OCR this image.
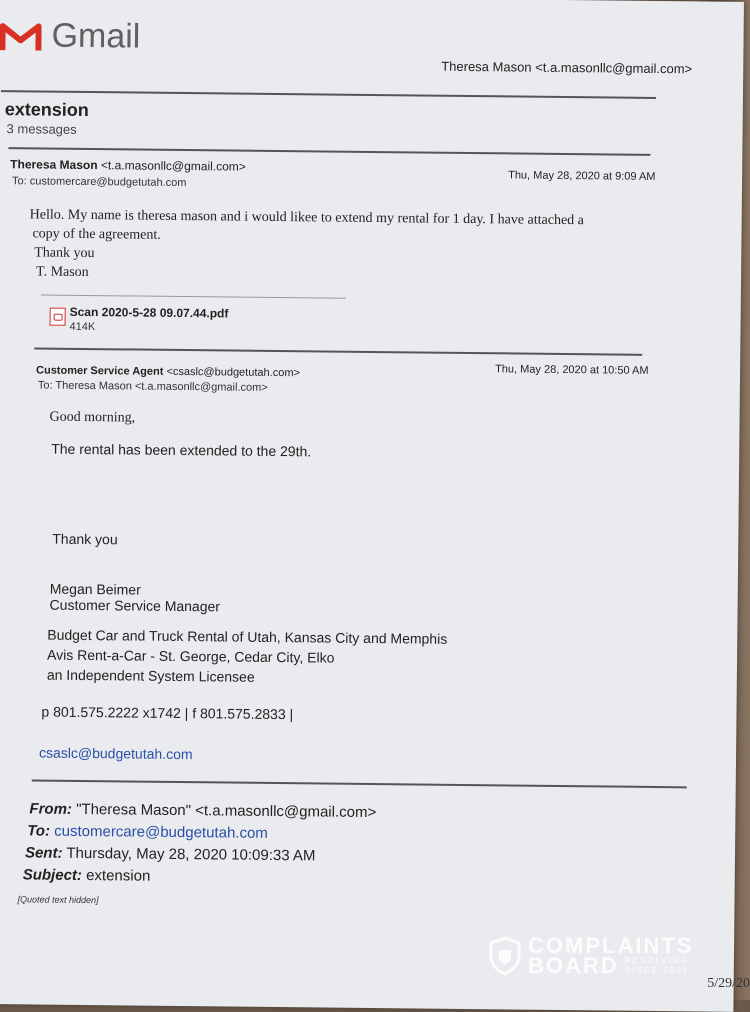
Gmail
Theresa Mason <t.a.masonllc@gmail.com>
extension
3 messages
Theresa Mason <t.a.masonllc@gmail.com>
Thu, May 28, 2020 at 9:09 AM
To: customercare@budgetutah.com
Hello. My name is theresa mason and i would likee to extend my rental for 1 day. I have attached a
copy of the agreement.
Thank you
T. Mason
Scan 2020-5-28 09.07.44.pdf
414K
Customer Service Agent <csaslc@budgetutah.com>	Thu, May 28, 2020 at 10:50 AM
To: Theresa Mason <t.a.masonllc@gmail.com>
Good morning,
The rental has been extended to the 29th.
Thank you
Megan Beimer
Customer Service Manager
Budget Car and Truck Rental of Utah, Kansas City and Memphis
Avis Rent-a-Car - St. George, Cedar City, Elko
an Independent System Licensee
p 801.575.2222 x1742 | f 801.575.2833 |
csaslc@budgetutah.com
From: "Theresa Mason" <t.a.masonllc@gmail.com>
To: customercare@budgetutah.com
Sent: Thursday, May 28, 2020 10:09:33 AM
Subject: extension
[Quoted text hidden]
COMPLAINTS
BOARD RESOLVING
SINCE 2004
5/29/20
